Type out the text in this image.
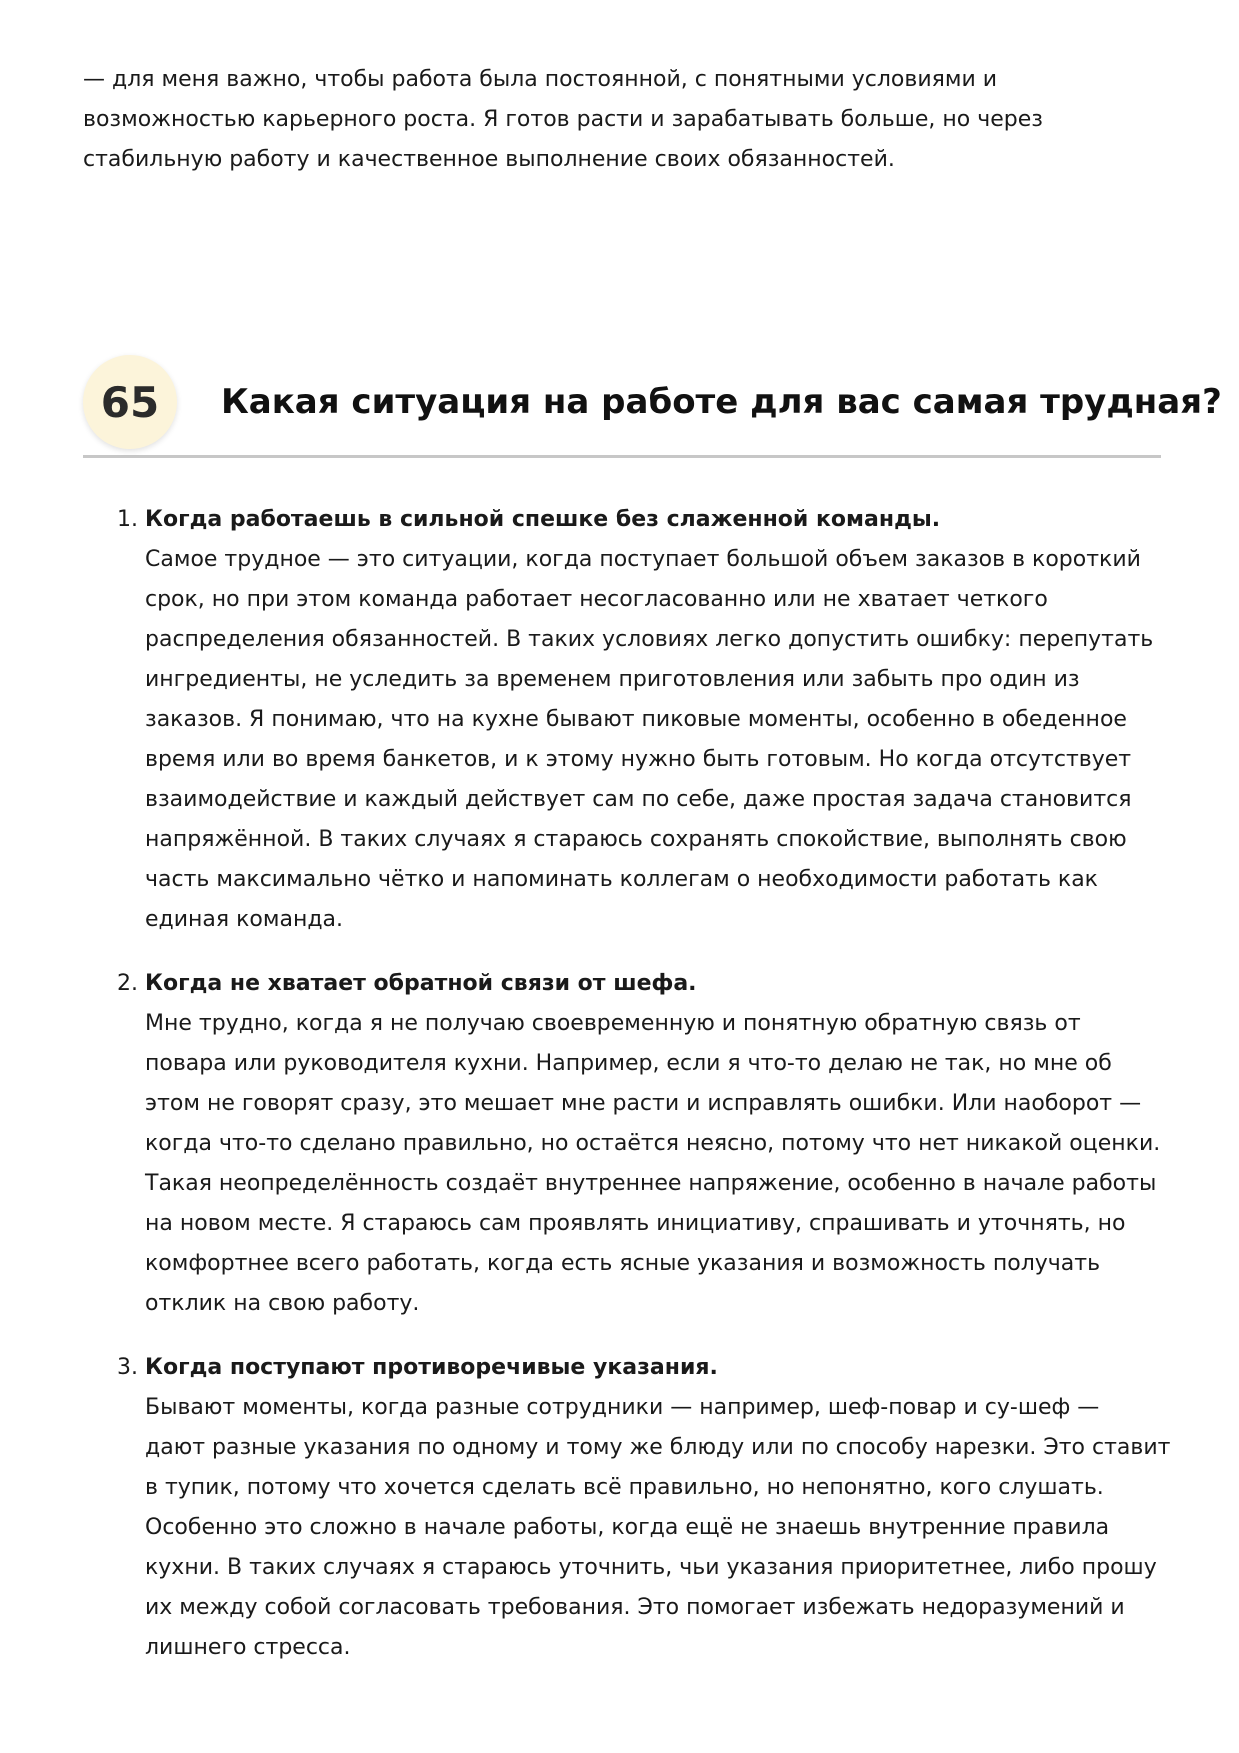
— для меня важно, чтобы работа была постоянной, с понятными условиями и
возможностью карьерного роста. Я готов расти и зарабатывать больше, но через
стабильную работу и качественное выполнение своих обязанностей.

65	Какая ситуация на работе для вас самая трудная?
1. Когда работаешь в сильной спешке без слаженной команды.
Самое трудное — это ситуации, когда поступает большой объем заказов в короткий
срок, но при этом команда работает несогласованно или не хватает четкого
распределения обязанностей. В таких условиях легко допустить ошибку: перепутать
ингредиенты, не уследить за временем приготовления или забыть про один из
заказов. Я понимаю, что на кухне бывают пиковые моменты, особенно в обеденное
время или во время банкетов, и к этому нужно быть готовым. Но когда отсутствует
взаимодействие и каждый действует сам по себе, даже простая задача становится
напряжённой. В таких случаях я стараюсь сохранять спокойствие, выполнять свою
часть максимально чётко и напоминать коллегам о необходимости работать как
единая команда.
2. Когда не хватает обратной связи от шефа.
Мне трудно, когда я не получаю своевременную и понятную обратную связь от
повара или руководителя кухни. Например, если я что-то делаю не так, но мне об
этом не говорят сразу, это мешает мне расти и исправлять ошибки. Или наоборот —
когда что-то сделано правильно, но остаётся неясно, потому что нет никакой оценки.
Такая неопределённость создаёт внутреннее напряжение, особенно в начале работы
на новом месте. Я стараюсь сам проявлять инициативу, спрашивать и уточнять, но
комфортнее всего работать, когда есть ясные указания и возможность получать
отклик на свою работу.
3. Когда поступают противоречивые указания.
Бывают моменты, когда разные сотрудники — например, шеф-повар и су-шеф —
дают разные указания по одному и тому же блюду или по способу нарезки. Это ставит
в тупик, потому что хочется сделать всё правильно, но непонятно, кого слушать.
Особенно это сложно в начале работы, когда ещё не знаешь внутренние правила
кухни. В таких случаях я стараюсь уточнить, чьи указания приоритетнее, либо прошу
их между собой согласовать требования. Это помогает избежать недоразумений и
лишнего стресса.
